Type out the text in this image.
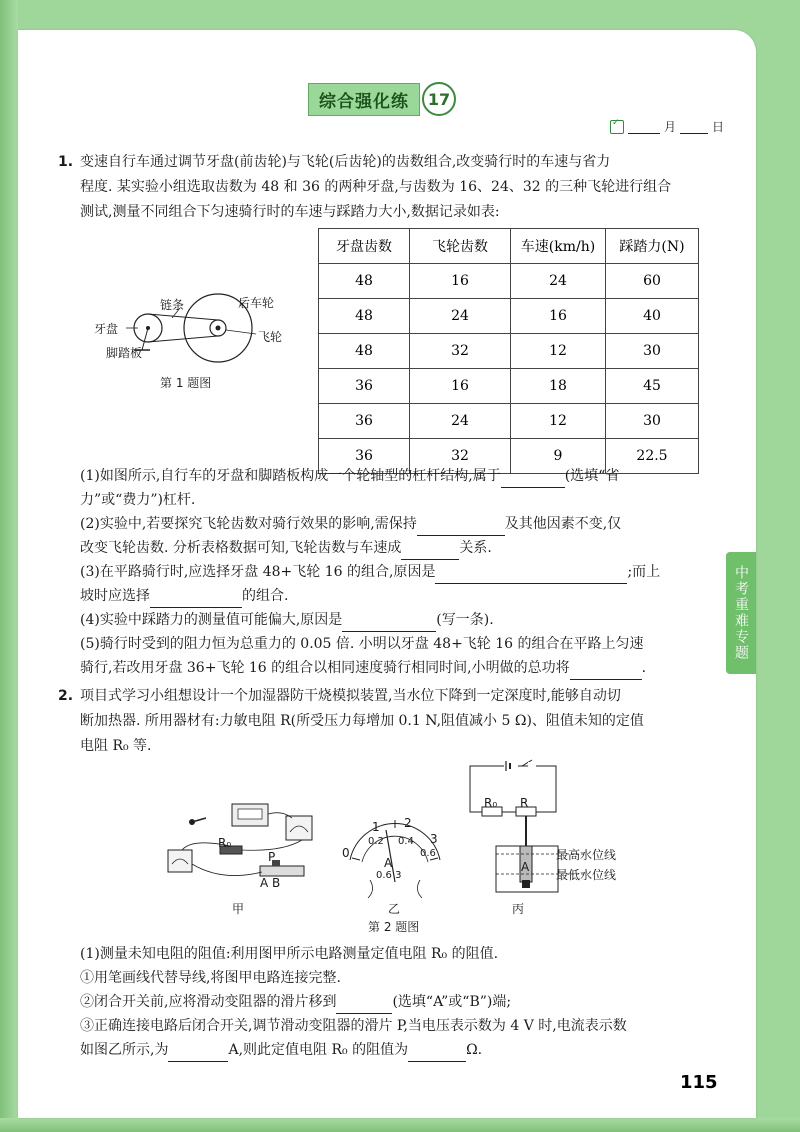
综合强化练	17
✓
月	日
中考重难专题
1. 变速自行车通过调节牙盘(前齿轮)与飞轮(后齿轮)的齿数组合,改变骑行时的车速与省力
程度. 某实验小组选取齿数为 48 和 36 的两种牙盘,与齿数为 16、24、32 的三种飞轮进行组合
测试,测量不同组合下匀速骑行时的车速与踩踏力大小,数据记录如表:
链条	后车轮
牙盘
飞轮
脚踏板
第 1 题图
牙盘齿数	飞轮齿数	车速(km/h)	踩踏力(N)
48	16	24	60
48	24	16	40
48	32	12	30
36	16	18	45
36	24	12	30
36	32	9	22.5
(1)如图所示,自行车的牙盘和脚踏板构成一个轮轴型的杠杆结构,属于	(选填“省
力”或“费力”)杠杆.
(2)实验中,若要探究飞轮齿数对骑行效果的影响,需保持	及其他因素不变,仅
改变飞轮齿数. 分析表格数据可知,飞轮齿数与车速成	关系.
(3)在平路骑行时,应选择牙盘 48+飞轮 16 的组合,原因是	;而上
坡时应选择	的组合.
(4)实验中踩踏力的测量值可能偏大,原因是	(写一条).
(5)骑行时受到的阻力恒为总重力的 0.05 倍. 小明以牙盘 48+飞轮 16 的组合在平路上匀速
骑行,若改用牙盘 36+飞轮 16 的组合以相同速度骑行相同时间,小明做的总功将	.
2. 项目式学习小组想设计一个加湿器防干烧模拟装置,当水位下降到一定深度时,能够自动切
断加热器. 所用器材有:力敏电阻 R(所受压力每增加 0.1 N,阻值减小 5 Ω)、阻值未知的定值
电阻 R₀ 等.
R₀
P
A B
甲
0
1 2
3
0.2 0.4
0.6
A
0.6 3
乙
R₀ R
A
最高水位线
最低水位线
丙
第 2 题图
(1)测量未知电阻的阻值:利用图甲所示电路测量定值电阻 R₀ 的阻值.
①用笔画线代替导线,将图甲电路连接完整.
②闭合开关前,应将滑动变阻器的滑片移到	(选填“A”或“B”)端;
③正确连接电路后闭合开关,调节滑动变阻器的滑片 P,当电压表示数为 4 V 时,电流表示数
如图乙所示,为	A,则此定值电阻 R₀ 的阻值为	Ω.
115
